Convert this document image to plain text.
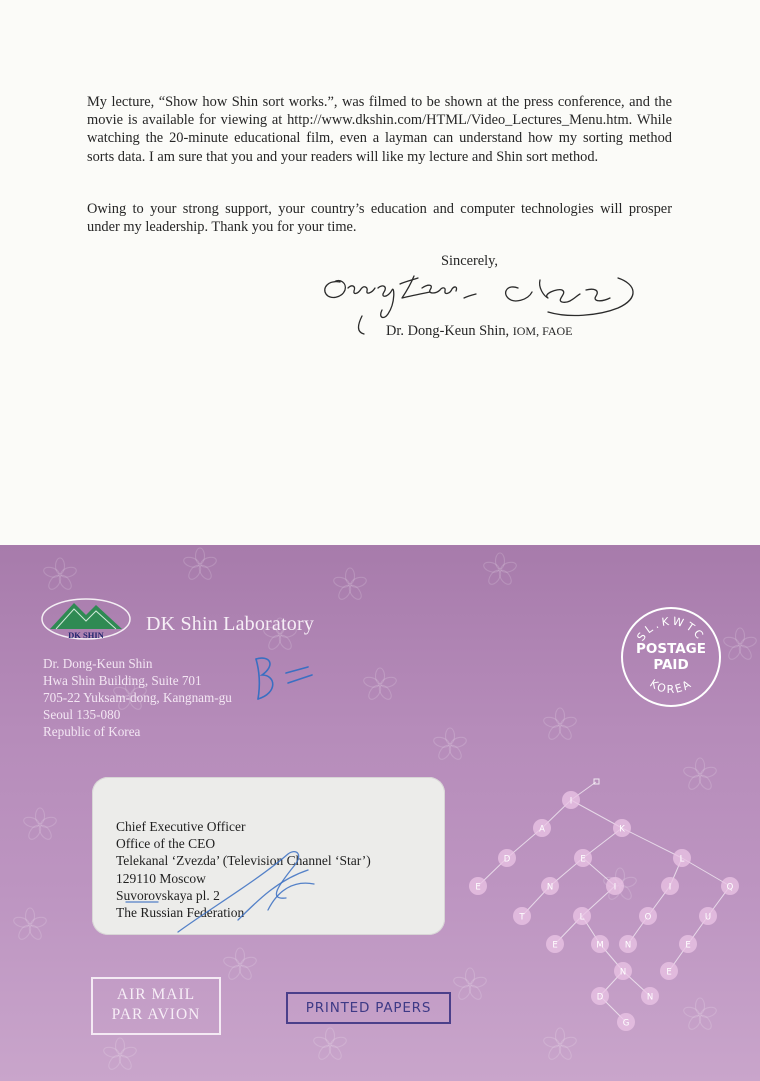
My lecture, “Show how Shin sort works.”, was filmed to be shown at the press conference, and the movie is available for viewing at http://www.dkshin.com/HTML/Video_Lectures_Menu.htm. While watching the 20-minute educational film, even a layman can understand how my sorting method sorts data. I am sure that you and your readers will like my lecture and Shin sort method.

Owing to your strong support, your country’s education and computer technologies will prosper under my leadership. Thank you for your time.

Sincerely,
Dr. Dong-Keun Shin, IOM, FAOE
DK SHIN DK Shin Laboratory
Dr. Dong-Keun Shin
Hwa Shin Building, Suite 701
705-22 Yuksam-dong, Kangnam-gu
Seoul 135-080
Republic of Korea
SL.KWTC
KOREA
POSTAGE
PAID
Chief Executive Officer
Office of the CEO
Telekanal ‘Zvezda’ (Television Channel ‘Star’)
129110 Moscow
Suvorovskaya pl. 2
The Russian Federation
I
A	K
D	E	L
E	N	I	I	Q
T	L	O	U
E	M N	E
N	E
D	N
G
AIR MAIL
PAR AVION	PRINTED PAPERS
